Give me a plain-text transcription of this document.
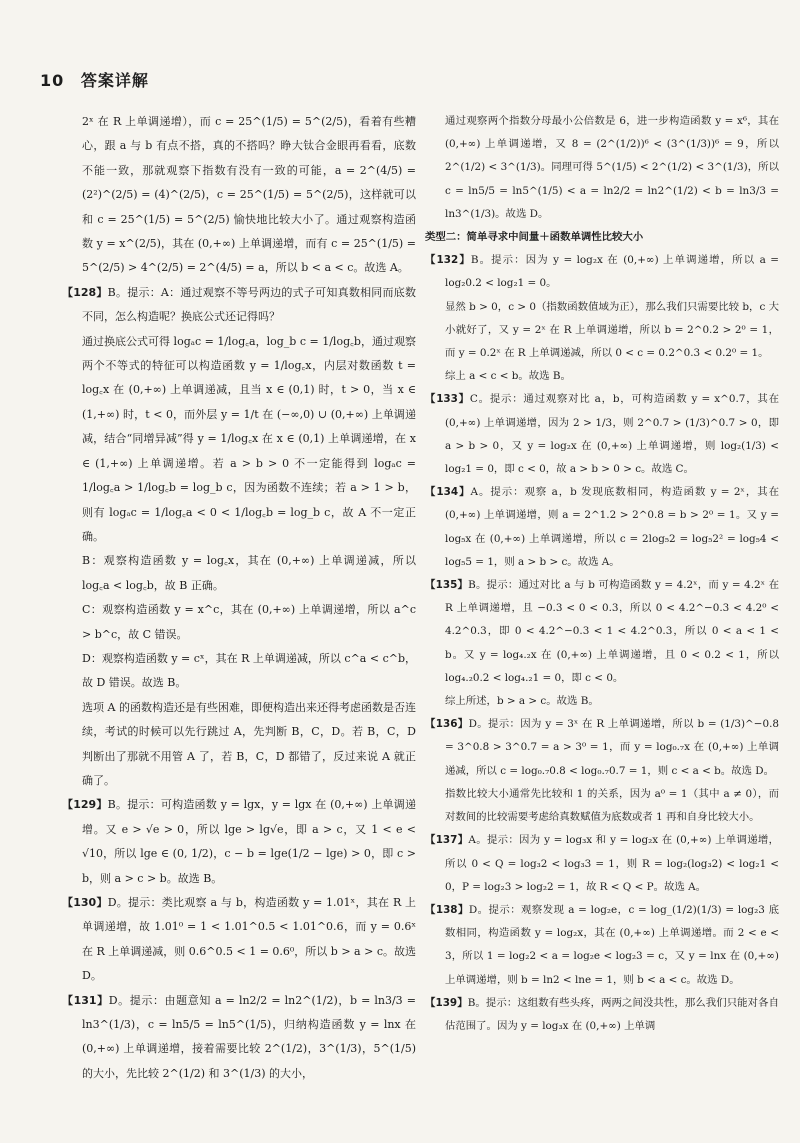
10 答案详解

2ˣ 在 R 上单调递增），而 c = 25^(1/5) = 5^(2/5)，看着有些糟心，跟 a 与 b 有点不搭，真的不搭吗？睁大钛合金眼再看看，底数不能一致，那就观察下指数有没有一致的可能，a = 2^(4/5) = (2²)^(2/5) = (4)^(2/5)，c = 25^(1/5) = 5^(2/5)，这样就可以和 c = 25^(1/5) = 5^(2/5) 愉快地比较大小了。通过观察构造函数 y = x^(2/5)，其在 (0,+∞) 上单调递增，而有 c = 25^(1/5) = 5^(2/5) > 4^(2/5) = 2^(4/5) = a，所以 b < a < c。故选 A。

【128】B。提示：A：通过观察不等号两边的式子可知真数相同而底数不同，怎么构造呢？换底公式还记得吗？

通过换底公式可得 logₐc = 1/log꜀a，log_b c = 1/log꜀b，通过观察两个不等式的特征可以构造函数 y = 1/log꜀x，内层对数函数 t = log꜀x 在 (0,+∞) 上单调递减，且当 x ∈ (0,1) 时，t > 0，当 x ∈ (1,+∞) 时，t < 0，而外层 y = 1/t 在 (−∞,0) ∪ (0,+∞) 上单调递减，结合“同增异减”得 y = 1/log꜀x 在 x ∈ (0,1) 上单调递增，在 x ∈ (1,+∞) 上单调递增。若 a > b > 0 不一定能得到 logₐc = 1/log꜀a > 1/log꜀b = log_b c，因为函数不连续；若 a > 1 > b，则有 logₐc = 1/log꜀a < 0 < 1/log꜀b = log_b c，故 A 不一定正确。

B：观察构造函数 y = log꜀x，其在 (0,+∞) 上单调递减，所以 log꜀a < log꜀b，故 B 正确。

C：观察构造函数 y = x^c，其在 (0,+∞) 上单调递增，所以 a^c > b^c，故 C 错误。

D：观察构造函数 y = cˣ，其在 R 上单调递减，所以 c^a < c^b，故 D 错误。故选 B。

选项 A 的函数构造还是有些困难，即便构造出来还得考虑函数是否连续，考试的时候可以先行跳过 A，先判断 B，C，D。若 B，C，D 判断出了那就不用管 A 了，若 B，C，D 都错了，反过来说 A 就正确了。

【129】B。提示：可构造函数 y = lgx，y = lgx 在 (0,+∞) 上单调递增。又 e > √e > 0，所以 lge > lg√e，即 a > c，又 1 < e < √10，所以 lge ∈ (0, 1/2)，c − b = lge(1/2 − lge) > 0，即 c > b，则 a > c > b。故选 B。

【130】D。提示：类比观察 a 与 b，构造函数 y = 1.01ˣ，其在 R 上单调递增，故 1.01⁰ = 1 < 1.01^0.5 < 1.01^0.6，而 y = 0.6ˣ 在 R 上单调递减，则 0.6^0.5 < 1 = 0.6⁰，所以 b > a > c。故选 D。

【131】D。提示：由题意知 a = ln2/2 = ln2^(1/2)，b = ln3/3 = ln3^(1/3)，c = ln5/5 = ln5^(1/5)，归纳构造函数 y = lnx 在 (0,+∞) 上单调递增，接着需要比较 2^(1/2)，3^(1/3)，5^(1/5) 的大小，先比较 2^(1/2) 和 3^(1/3) 的大小，

通过观察两个指数分母最小公倍数是 6，进一步构造函数 y = x⁶，其在 (0,+∞) 上单调递增，又 8 = (2^(1/2))⁶ < (3^(1/3))⁶ = 9，所以 2^(1/2) < 3^(1/3)。同理可得 5^(1/5) < 2^(1/2) < 3^(1/3)，所以 c = ln5/5 = ln5^(1/5) < a = ln2/2 = ln2^(1/2) < b = ln3/3 = ln3^(1/3)。故选 D。

类型二：简单寻求中间量＋函数单调性比较大小

【132】B。提示：因为 y = log₂x 在 (0,+∞) 上单调递增，所以 a = log₂0.2 < log₂1 = 0。

显然 b > 0，c > 0（指数函数值域为正），那么我们只需要比较 b，c 大小就好了，又 y = 2ˣ 在 R 上单调递增，所以 b = 2^0.2 > 2⁰ = 1，而 y = 0.2ˣ 在 R 上单调递减，所以 0 < c = 0.2^0.3 < 0.2⁰ = 1。

综上 a < c < b。故选 B。

【133】C。提示：通过观察对比 a，b，可构造函数 y = x^0.7，其在 (0,+∞) 上单调递增，因为 2 > 1/3，则 2^0.7 > (1/3)^0.7 > 0，即 a > b > 0，又 y = log₂x 在 (0,+∞) 上单调递增，则 log₂(1/3) < log₂1 = 0，即 c < 0，故 a > b > 0 > c。故选 C。

【134】A。提示：观察 a，b 发现底数相同，构造函数 y = 2ˣ，其在 (0,+∞) 上单调递增，则 a = 2^1.2 > 2^0.8 = b > 2⁰ = 1。又 y = log₅x 在 (0,+∞) 上单调递增，所以 c = 2log₅2 = log₅2² = log₅4 < log₅5 = 1，则 a > b > c。故选 A。

【135】B。提示：通过对比 a 与 b 可构造函数 y = 4.2ˣ，而 y = 4.2ˣ 在 R 上单调递增，且 −0.3 < 0 < 0.3，所以 0 < 4.2^−0.3 < 4.2⁰ < 4.2^0.3，即 0 < 4.2^−0.3 < 1 < 4.2^0.3，所以 0 < a < 1 < b。又 y = log₄.₂x 在 (0,+∞) 上单调递增，且 0 < 0.2 < 1，所以 log₄.₂0.2 < log₄.₂1 = 0，即 c < 0。

综上所述，b > a > c。故选 B。

【136】D。提示：因为 y = 3ˣ 在 R 上单调递增，所以 b = (1/3)^−0.8 = 3^0.8 > 3^0.7 = a > 3⁰ = 1，而 y = log₀.₇x 在 (0,+∞) 上单调递减，所以 c = log₀.₇0.8 < log₀.₇0.7 = 1，则 c < a < b。故选 D。

指数比较大小通常先比较和 1 的关系，因为 a⁰ = 1（其中 a ≠ 0），而对数间的比较需要考虑给真数赋值为底数或者 1 再和自身比较大小。

【137】A。提示：因为 y = log₃x 和 y = log₂x 在 (0,+∞) 上单调递增，所以 0 < Q = log₃2 < log₃3 = 1，则 R = log₂(log₃2) < log₂1 < 0，P = log₂3 > log₂2 = 1，故 R < Q < P。故选 A。

【138】D。提示：观察发现 a = log₂e，c = log_(1/2)(1/3) = log₂3 底数相同，构造函数 y = log₂x，其在 (0,+∞) 上单调递增。而 2 < e < 3，所以 1 = log₂2 < a = log₂e < log₂3 = c，又 y = lnx 在 (0,+∞) 上单调递增，则 b = ln2 < lne = 1，则 b < a < c。故选 D。

【139】B。提示：这组数有些头疼，两两之间没共性，那么我们只能对各自估范围了。因为 y = log₃x 在 (0,+∞) 上单调
